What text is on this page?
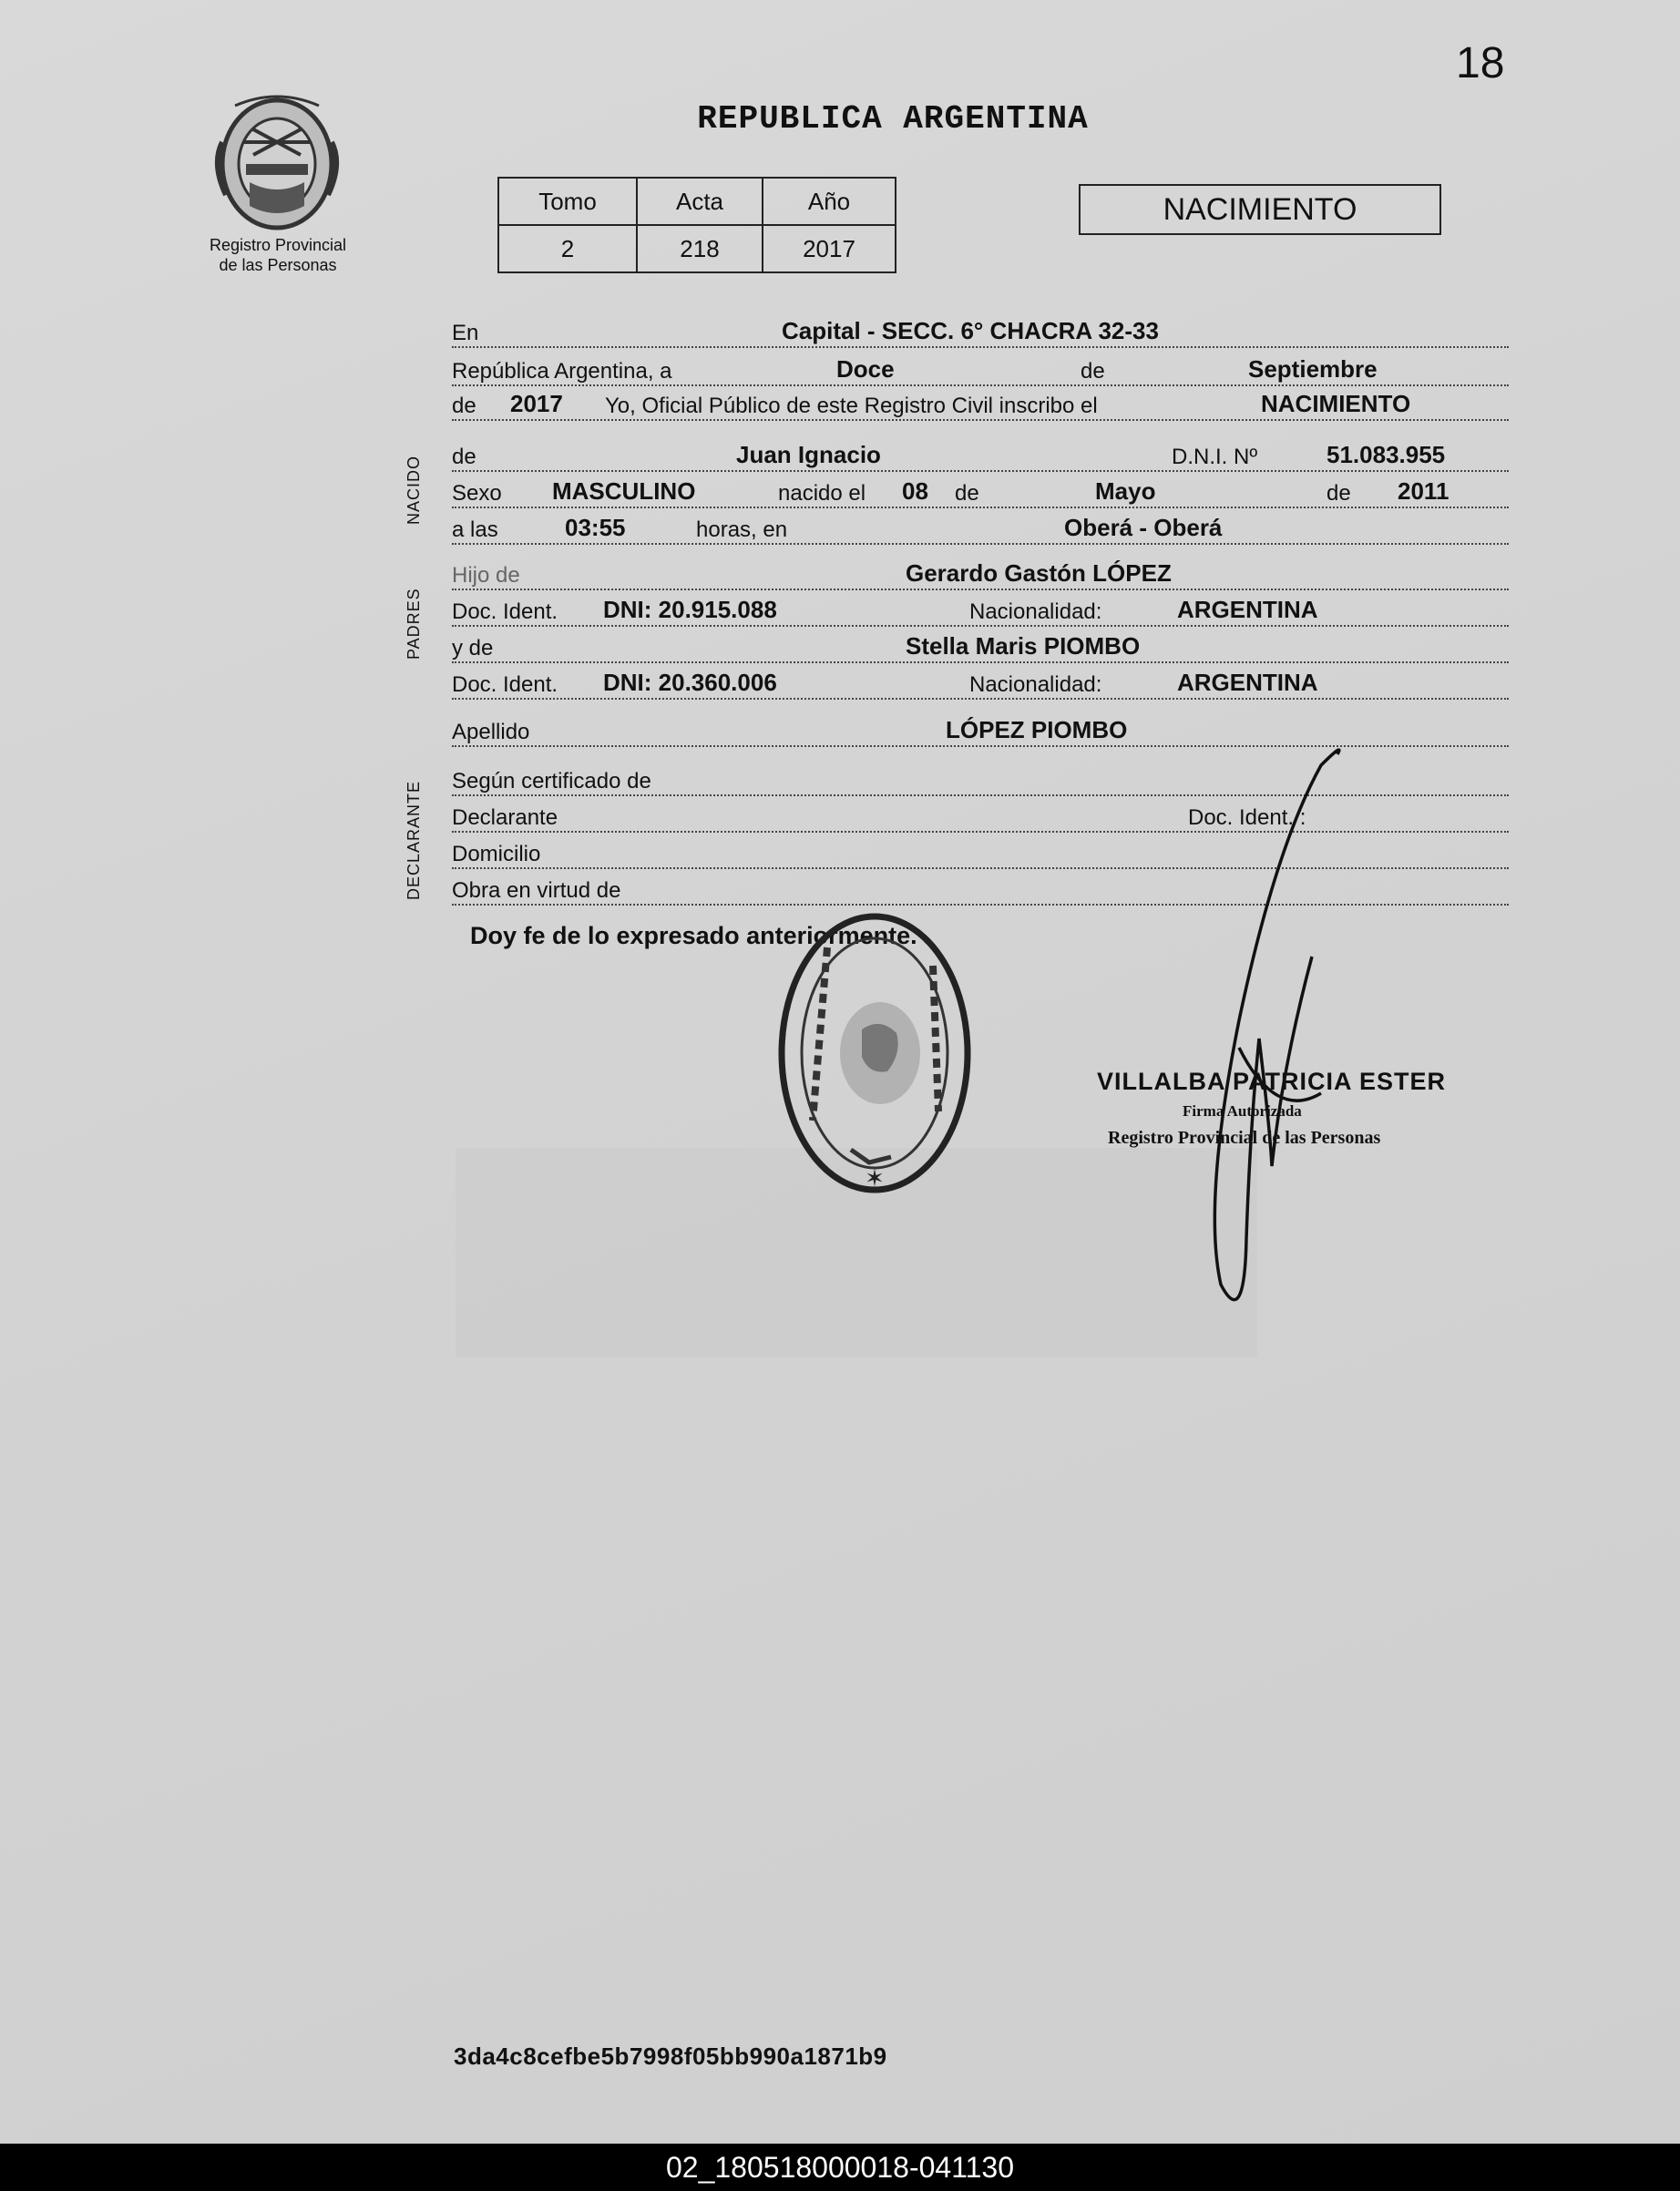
18
Registro Provincial
de las Personas
REPUBLICA ARGENTINA
Tomo	Acta	Año
2	218	2017
NACIMIENTO
En	Capital - SECC. 6° CHACRA 32-33
República Argentina, a	Doce	de	Septiembre
de 2017 Yo, Oficial Público de este Registro Civil inscribo el	NACIMIENTO
de	Juan Ignacio	D.N.I. Nº	51.083.955
Sexo MASCULINO	nacido el 08 de	Mayo	de 2011
a las	03:55	horas, en	Oberá - Oberá
Hijo de	Gerardo Gastón LÓPEZ
Doc. Ident. DNI: 20.915.088	Nacionalidad:	ARGENTINA
y de	Stella Maris PIOMBO
Doc. Ident. DNI: 20.360.006	Nacionalidad:	ARGENTINA
Apellido	LÓPEZ PIOMBO
Según certificado de
Declarante	Doc. Ident. :
Domicilio
Obra en virtud de
NACIDO
PADRES
DECLARANTE
Doy fe de lo expresado anteriormente.
✶
VILLALBA PATRICIA ESTER
Firma Autorizada
Registro Provincial de las Personas
3da4c8cefbe5b7998f05bb990a1871b9
02_180518000018-041130
